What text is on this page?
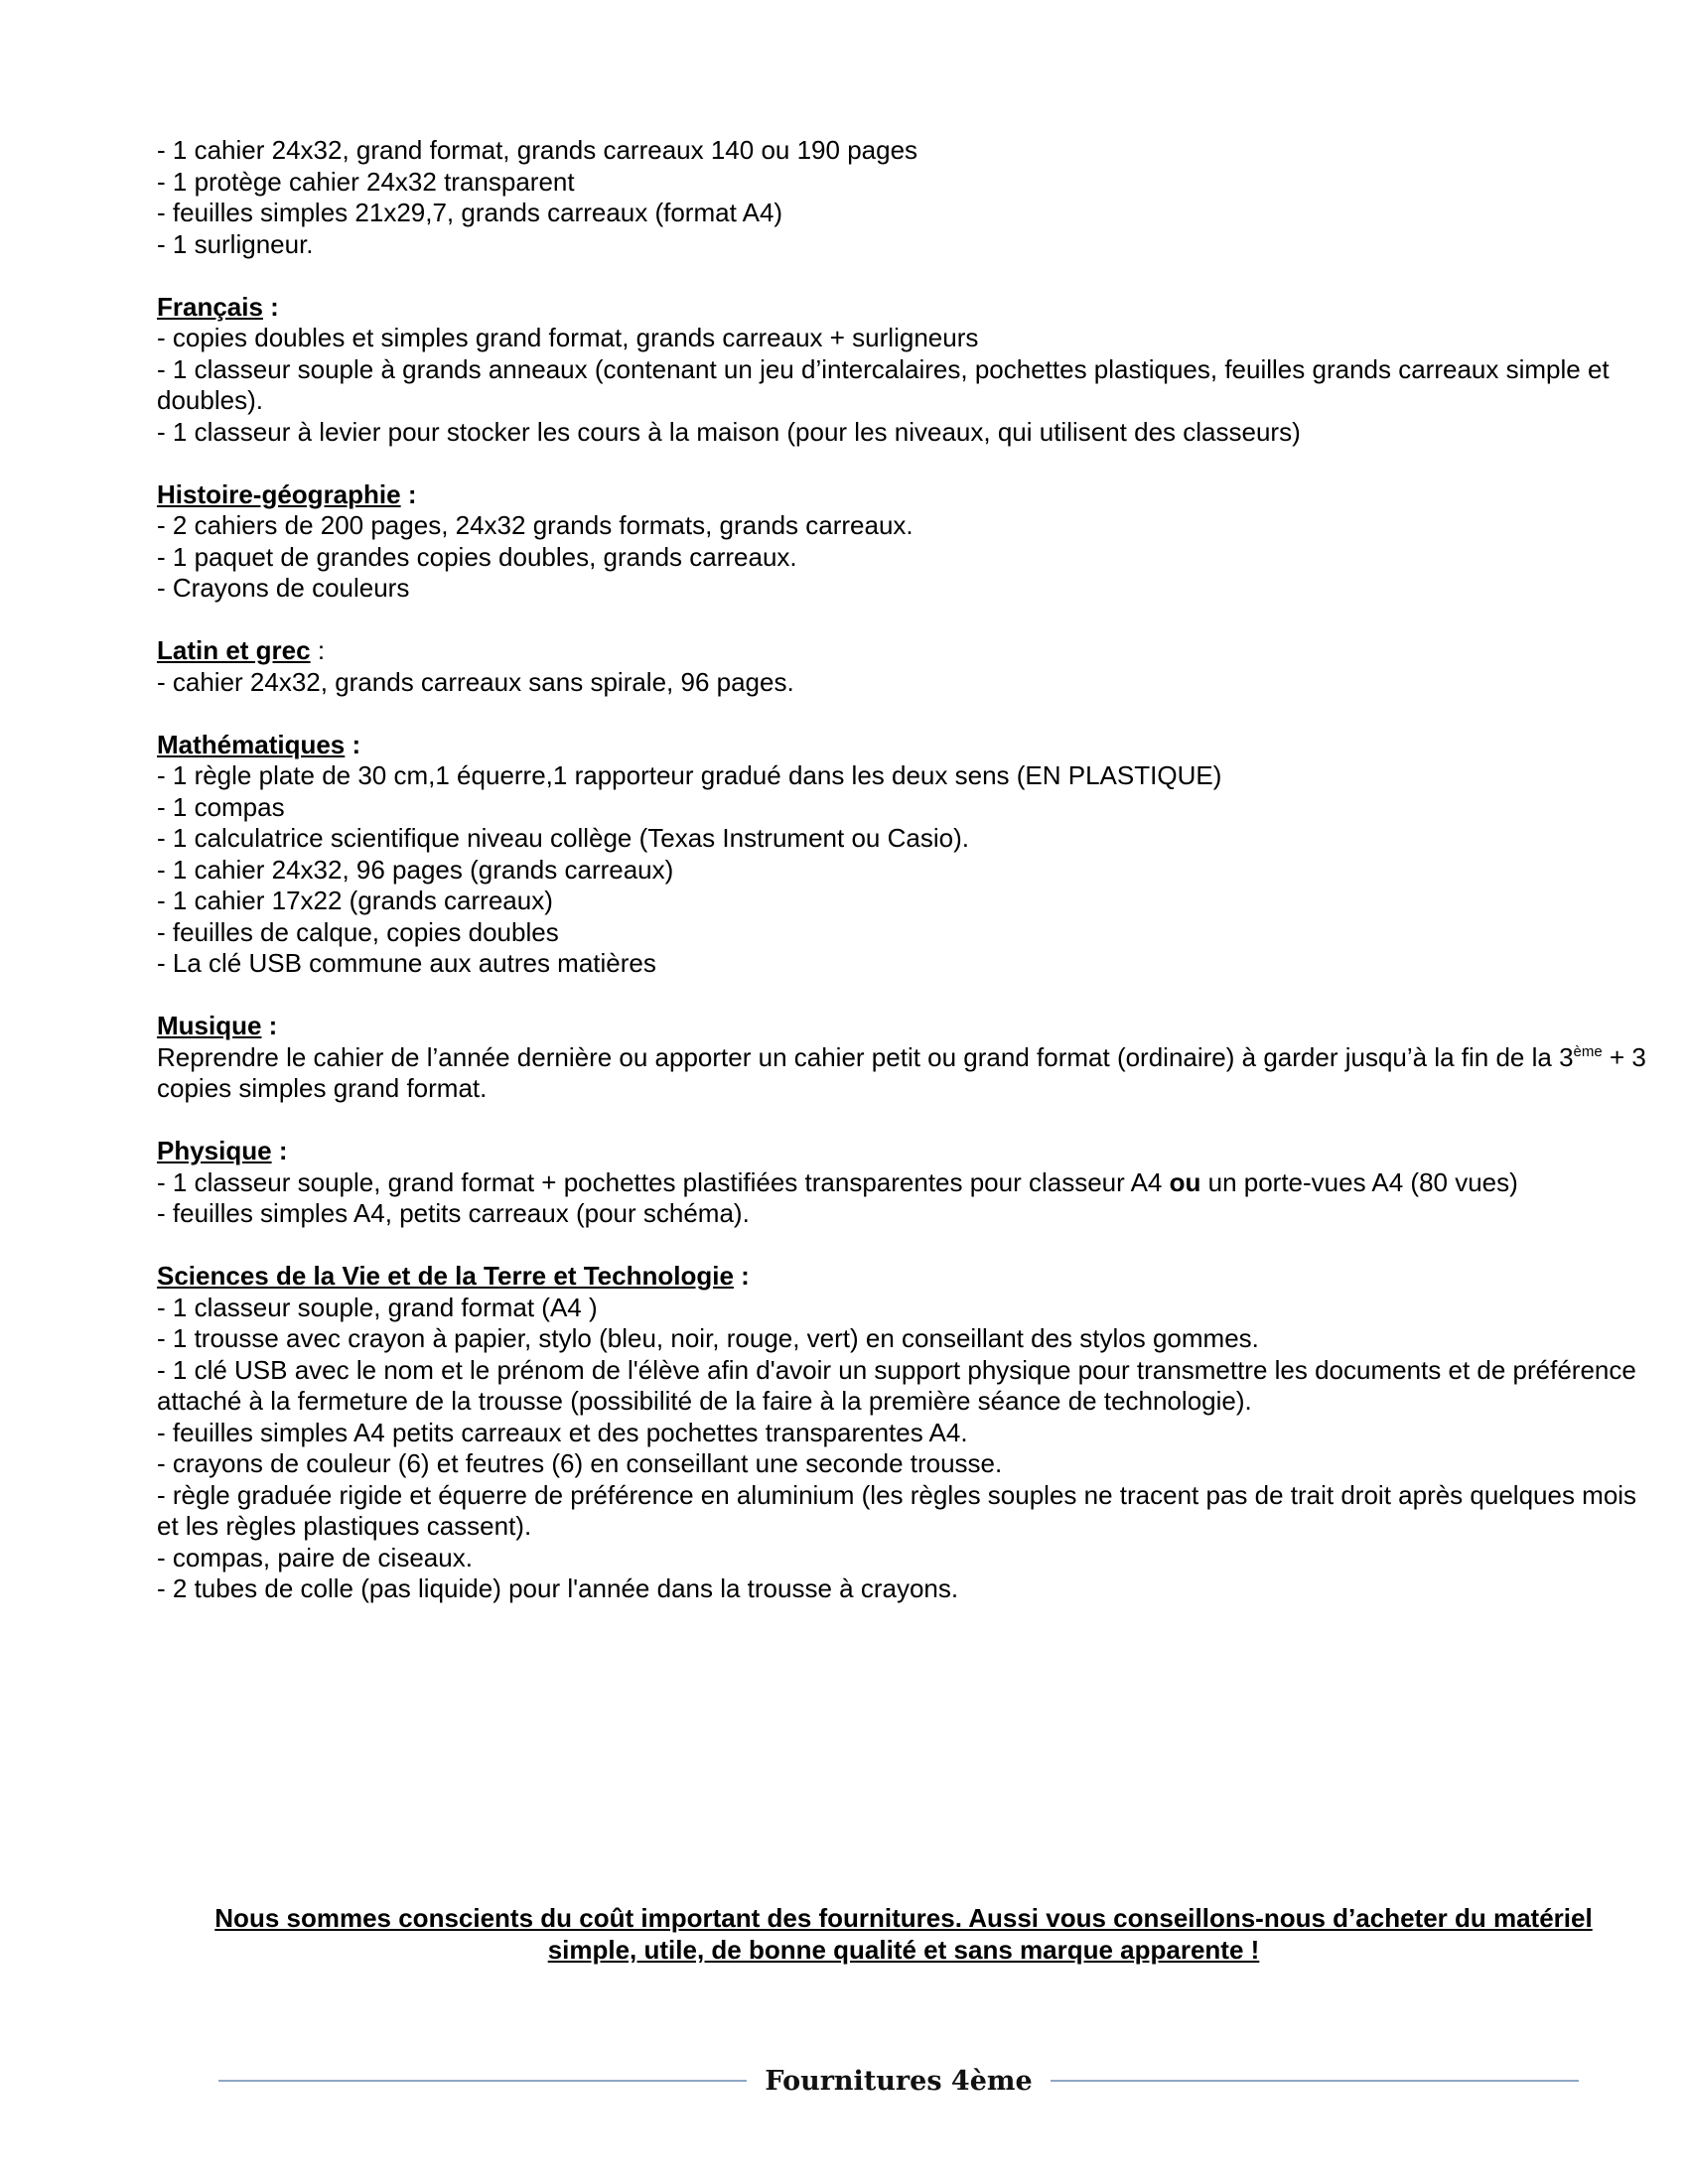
- 1 cahier 24x32, grand format, grands carreaux 140 ou 190 pages

- 1 protège cahier 24x32 transparent

- feuilles simples 21x29,7, grands carreaux (format A4)

- 1 surligneur.

Français :

- copies doubles et simples grand format, grands carreaux + surligneurs

- 1 classeur souple à grands anneaux (contenant un jeu d’intercalaires, pochettes plastiques, feuilles grands carreaux simple et doubles).

- 1 classeur à levier pour stocker les cours à la maison (pour les niveaux, qui utilisent des classeurs)

Histoire-géographie :

- 2 cahiers de 200 pages, 24x32 grands formats, grands carreaux.

- 1 paquet de grandes copies doubles, grands carreaux.

- Crayons de couleurs

Latin et grec :

- cahier 24x32, grands carreaux sans spirale, 96 pages.

Mathématiques :

- 1 règle plate de 30 cm,1 équerre,1 rapporteur gradué dans les deux sens (EN PLASTIQUE)

- 1 compas

- 1 calculatrice scientifique niveau collège (Texas Instrument ou Casio).

- 1 cahier 24x32, 96 pages (grands carreaux)

- 1 cahier 17x22 (grands carreaux)

- feuilles de calque, copies doubles

- La clé USB commune aux autres matières

Musique :

Reprendre le cahier de l’année dernière ou apporter un cahier petit ou grand format (ordinaire) à garder jusqu’à la fin de la 3ème + 3 copies simples grand format.

Physique :

- 1 classeur souple, grand format + pochettes plastifiées transparentes pour classeur A4 ou un porte-vues A4 (80 vues)

- feuilles simples A4, petits carreaux (pour schéma).

Sciences de la Vie et de la Terre et Technologie :

- 1 classeur souple, grand format (A4 )

- 1 trousse avec crayon à papier, stylo (bleu, noir, rouge, vert) en conseillant des stylos gommes.

- 1 clé USB avec le nom et le prénom de l'élève afin d'avoir un support physique pour transmettre les documents et de préférence attaché à la fermeture de la trousse (possibilité de la faire à la première séance de technologie).

- feuilles simples A4 petits carreaux et des pochettes transparentes A4.

- crayons de couleur (6) et feutres (6) en conseillant une seconde trousse.

- règle graduée rigide et équerre de préférence en aluminium (les règles souples ne tracent pas de trait droit après quelques mois et les règles plastiques cassent).

- compas, paire de ciseaux.

- 2 tubes de colle (pas liquide) pour l'année dans la trousse à crayons.

Nous sommes conscients du coût important des fournitures. Aussi vous conseillons-nous d’acheter du matériel

simple, utile, de bonne qualité et sans marque apparente !

Fournitures 4ème
